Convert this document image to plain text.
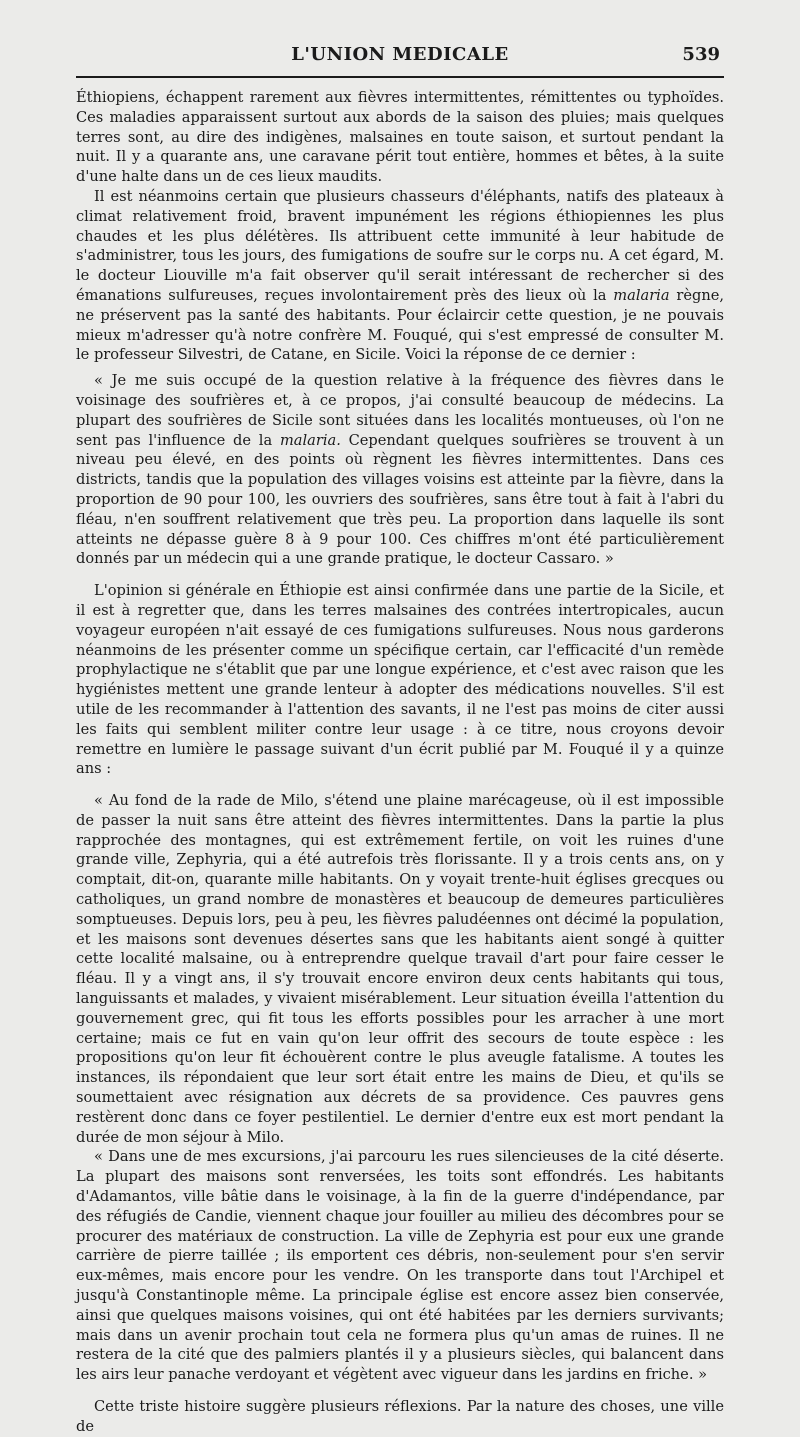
L'UNION MEDICALE	539

Éthiopiens, échappent rarement aux fièvres intermittentes, rémittentes ou typhoïdes. Ces maladies apparaissent surtout aux abords de la saison des pluies; mais quelques terres sont, au dire des indigènes, malsaines en toute saison, et surtout pendant la nuit. Il y a quarante ans, une caravane périt tout entière, hommes et bêtes, à la suite d'une halte dans un de ces lieux maudits.

Il est néanmoins certain que plusieurs chasseurs d'éléphants, natifs des plateaux à climat relativement froid, bravent impunément les régions éthiopiennes les plus chaudes et les plus délétères. Ils attribuent cette immunité à leur habitude de s'administrer, tous les jours, des fumigations de soufre sur le corps nu. A cet égard, M. le docteur Liouville m'a fait observer qu'il serait intéressant de rechercher si des émanations sulfureuses, reçues involontairement près des lieux où la malaria règne, ne préservent pas la santé des habitants. Pour éclaircir cette question, je ne pouvais mieux m'adresser qu'à notre confrère M. Fouqué, qui s'est empressé de consulter M. le professeur Silvestri, de Catane, en Sicile. Voici la réponse de ce dernier :

« Je me suis occupé de la question relative à la fréquence des fièvres dans le voisinage des soufrières et, à ce propos, j'ai consulté beaucoup de médecins. La plupart des soufrières de Sicile sont situées dans les localités montueuses, où l'on ne sent pas l'influence de la malaria. Cependant quelques soufrières se trouvent à un niveau peu élevé, en des points où règnent les fièvres intermittentes. Dans ces districts, tandis que la population des villages voisins est atteinte par la fièvre, dans la proportion de 90 pour 100, les ouvriers des soufrières, sans être tout à fait à l'abri du fléau, n'en souffrent relativement que très peu. La proportion dans laquelle ils sont atteints ne dépasse guère 8 à 9 pour 100. Ces chiffres m'ont été particulièrement donnés par un médecin qui a une grande pratique, le docteur Cassaro. »

L'opinion si générale en Éthiopie est ainsi confirmée dans une partie de la Sicile, et il est à regretter que, dans les terres malsaines des contrées intertropicales, aucun voyageur européen n'ait essayé de ces fumigations sulfureuses. Nous nous garderons néanmoins de les présenter comme un spécifique certain, car l'efficacité d'un remède prophylactique ne s'établit que par une longue expérience, et c'est avec raison que les hygiénistes mettent une grande lenteur à adopter des médications nouvelles. S'il est utile de les recommander à l'attention des savants, il ne l'est pas moins de citer aussi les faits qui semblent militer contre leur usage : à ce titre, nous croyons devoir remettre en lumière le passage suivant d'un écrit publié par M. Fouqué il y a quinze ans :

« Au fond de la rade de Milo, s'étend une plaine marécageuse, où il est impossible de passer la nuit sans être atteint des fièvres intermittentes. Dans la partie la plus rapprochée des montagnes, qui est extrêmement fertile, on voit les ruines d'une grande ville, Zephyria, qui a été autrefois très florissante. Il y a trois cents ans, on y comptait, dit-on, quarante mille habitants. On y voyait trente-huit églises grecques ou catholiques, un grand nombre de monastères et beaucoup de demeures particulières somptueuses. Depuis lors, peu à peu, les fièvres paludéennes ont décimé la population, et les maisons sont devenues désertes sans que les habitants aient songé à quitter cette localité malsaine, ou à entreprendre quelque travail d'art pour faire cesser le fléau. Il y a vingt ans, il s'y trouvait encore environ deux cents habitants qui tous, languissants et malades, y vivaient misérablement. Leur situation éveilla l'attention du gouvernement grec, qui fit tous les efforts possibles pour les arracher à une mort certaine; mais ce fut en vain qu'on leur offrit des secours de toute espèce : les propositions qu'on leur fit échouèrent contre le plus aveugle fatalisme. A toutes les instances, ils répondaient que leur sort était entre les mains de Dieu, et qu'ils se soumettaient avec résignation aux décrets de sa providence. Ces pauvres gens restèrent donc dans ce foyer pestilentiel. Le dernier d'entre eux est mort pendant la durée de mon séjour à Milo.

« Dans une de mes excursions, j'ai parcouru les rues silencieuses de la cité déserte. La plupart des maisons sont renversées, les toits sont effondrés. Les habitants d'Adamantos, ville bâtie dans le voisinage, à la fin de la guerre d'indépendance, par des réfugiés de Candie, viennent chaque jour fouiller au milieu des décombres pour se procurer des matériaux de construction. La ville de Zephyria est pour eux une grande carrière de pierre taillée ; ils emportent ces débris, non-seulement pour s'en servir eux-mêmes, mais encore pour les vendre. On les transporte dans tout l'Archipel et jusqu'à Constantinople même. La principale église est encore assez bien conservée, ainsi que quelques maisons voisines, qui ont été habitées par les derniers survivants; mais dans un avenir prochain tout cela ne formera plus qu'un amas de ruines. Il ne restera de la cité que des palmiers plantés il y a plusieurs siècles, qui balancent dans les airs leur panache verdoyant et végètent avec vigueur dans les jardins en friche. »

Cette triste histoire suggère plusieurs réflexions. Par la nature des choses, une ville de
